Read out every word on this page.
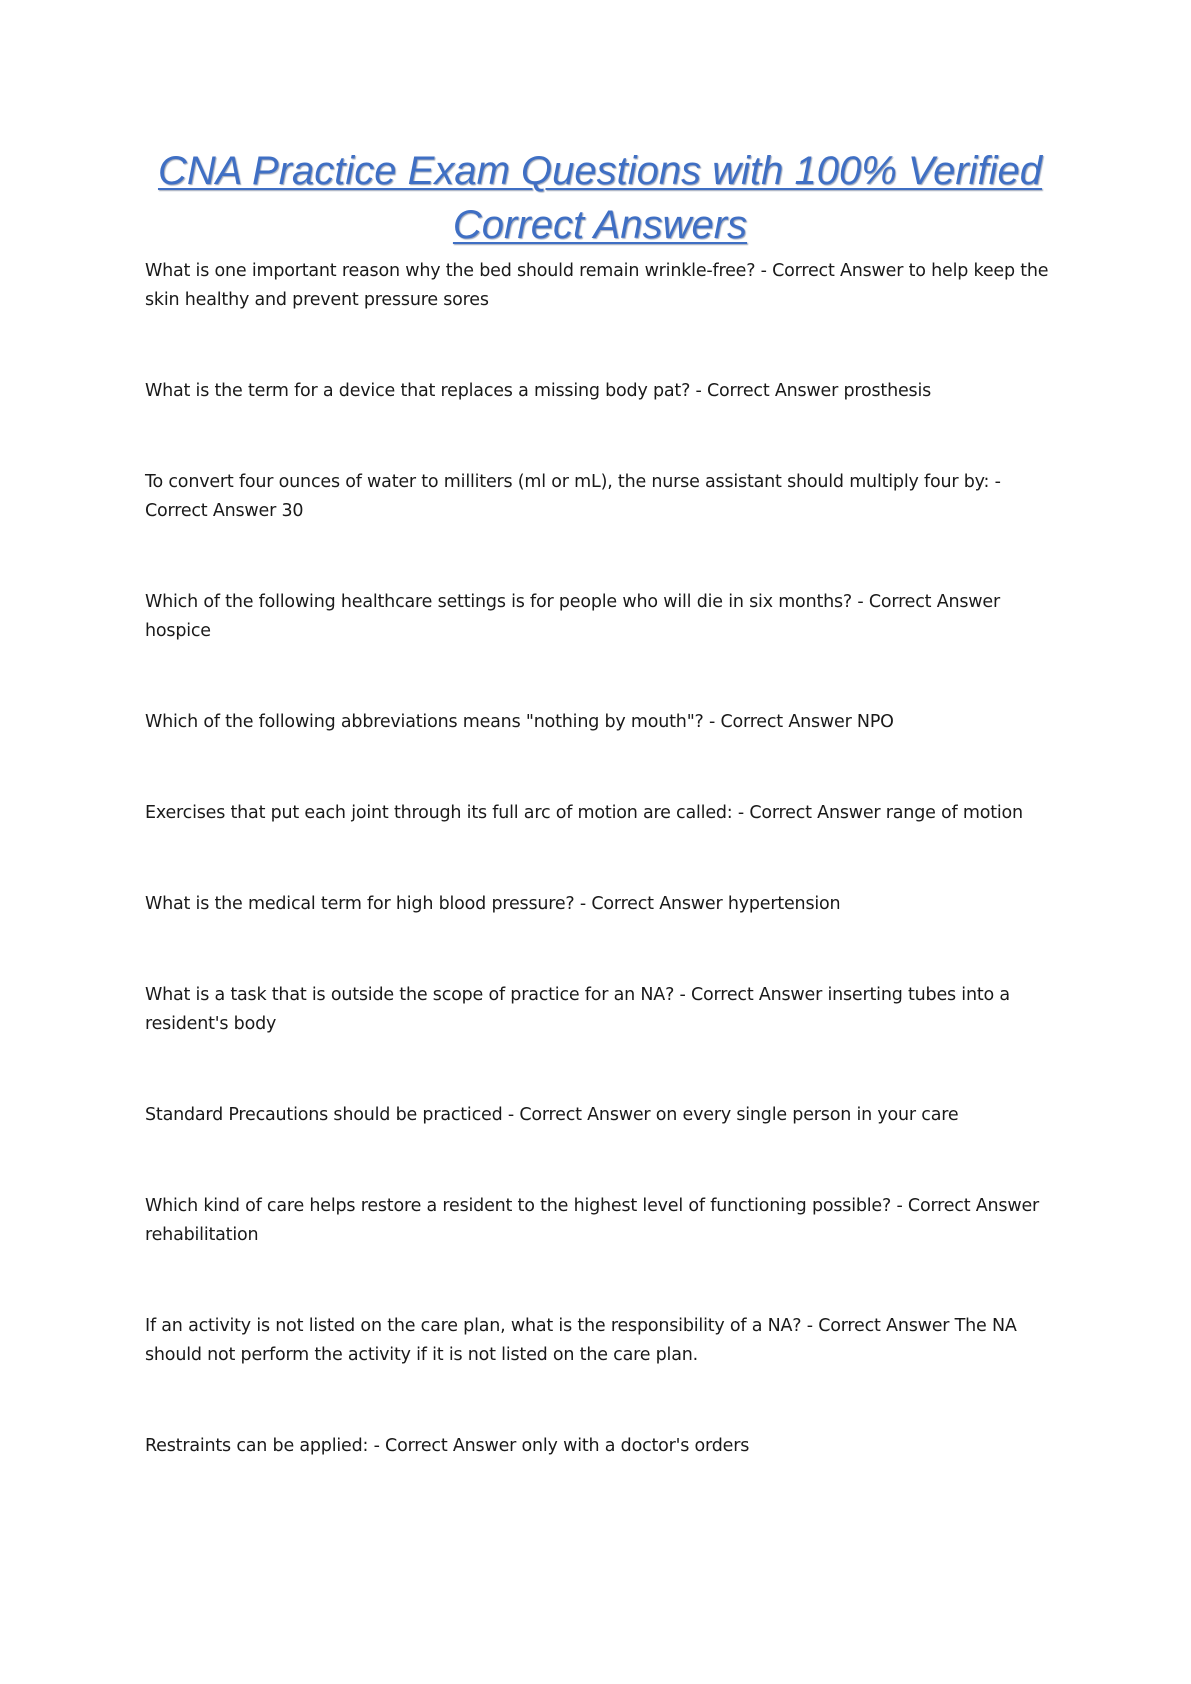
CNA Practice Exam Questions with 100% Verified Correct Answers
What is one important reason why the bed should remain wrinkle-free? - Correct Answer to help keep the skin healthy and prevent pressure sores
What is the term for a device that replaces a missing body pat? - Correct Answer prosthesis
To convert four ounces of water to milliters (ml or mL), the nurse assistant should multiply four by: - Correct Answer 30
Which of the following healthcare settings is for people who will die in six months? - Correct Answer hospice
Which of the following abbreviations means "nothing by mouth"? - Correct Answer NPO
Exercises that put each joint through its full arc of motion are called: - Correct Answer range of motion
What is the medical term for high blood pressure? - Correct Answer hypertension
What is a task that is outside the scope of practice for an NA? - Correct Answer inserting tubes into a resident's body
Standard Precautions should be practiced - Correct Answer on every single person in your care
Which kind of care helps restore a resident to the highest level of functioning possible? - Correct Answer rehabilitation
If an activity is not listed on the care plan, what is the responsibility of a NA? - Correct Answer The NA should not perform the activity if it is not listed on the care plan.
Restraints can be applied: - Correct Answer only with a doctor's orders
